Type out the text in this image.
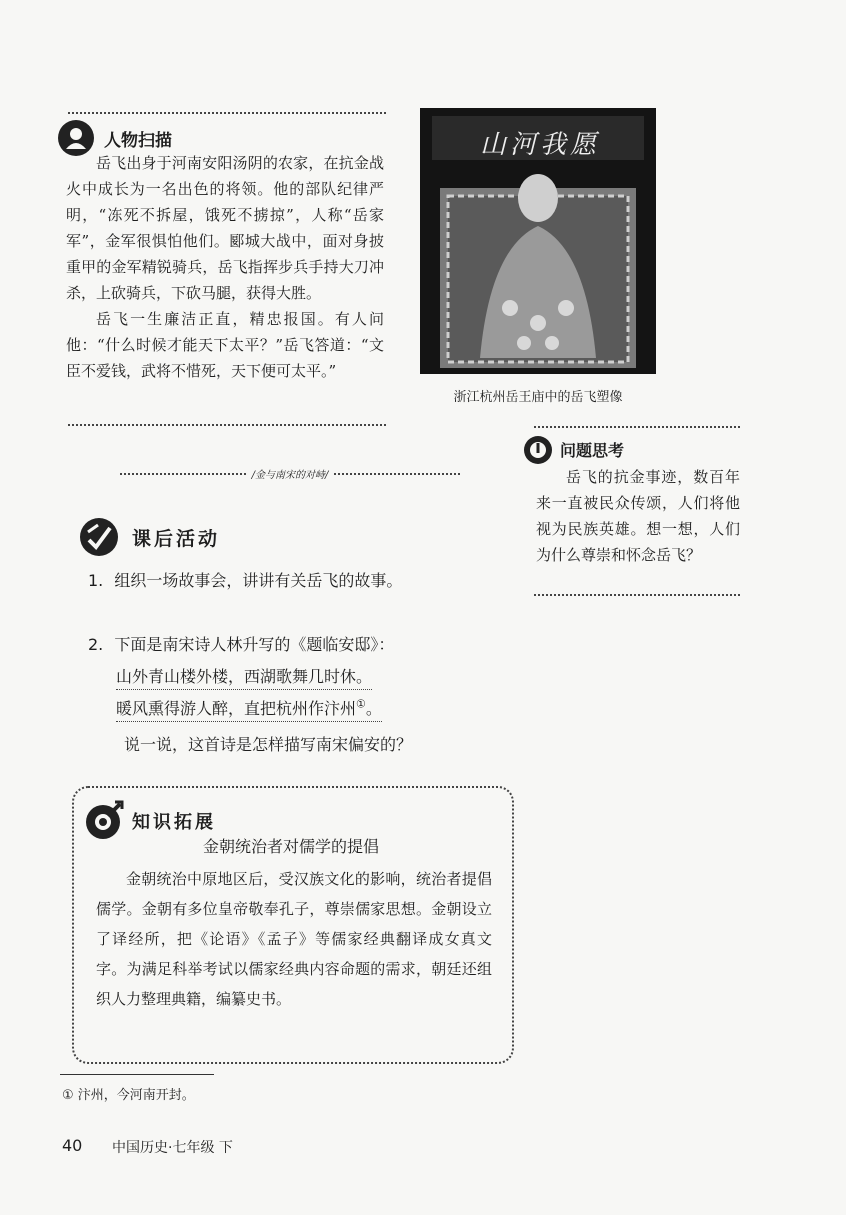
人物扫描

岳飞出身于河南安阳汤阴的农家，在抗金战火中成长为一名出色的将领。他的部队纪律严明，“冻死不拆屋，饿死不掳掠”，人称“岳家军”，金军很惧怕他们。郾城大战中，面对身披重甲的金军精锐骑兵，岳飞指挥步兵手持大刀冲杀，上砍骑兵，下砍马腿，获得大胜。

岳飞一生廉洁正直，精忠报国。有人问他：“什么时候才能天下太平？”岳飞答道：“文臣不爱钱，武将不惜死，天下便可太平。”

山河我愿
浙江杭州岳王庙中的岳飞塑像
问题思考

岳飞的抗金事迹，数百年来一直被民众传颂，人们将他视为民族英雄。想一想，人们为什么尊崇和怀念岳飞？

/金与南宋的对峙/
课后活动
1. 组织一场故事会，讲讲有关岳飞的故事。
2. 下面是南宋诗人林升写的《题临安邸》：
山外青山楼外楼，西湖歌舞几时休。
暖风熏得游人醉，直把杭州作汴州①。
说一说，这首诗是怎样描写南宋偏安的？
知识拓展
金朝统治者对儒学的提倡

金朝统治中原地区后，受汉族文化的影响，统治者提倡儒学。金朝有多位皇帝敬奉孔子，尊崇儒家思想。金朝设立了译经所，把《论语》《孟子》等儒家经典翻译成女真文字。为满足科举考试以儒家经典内容命题的需求，朝廷还组织人力整理典籍，编纂史书。

① 汴州，今河南开封。
40 中国历史·七年级 下
